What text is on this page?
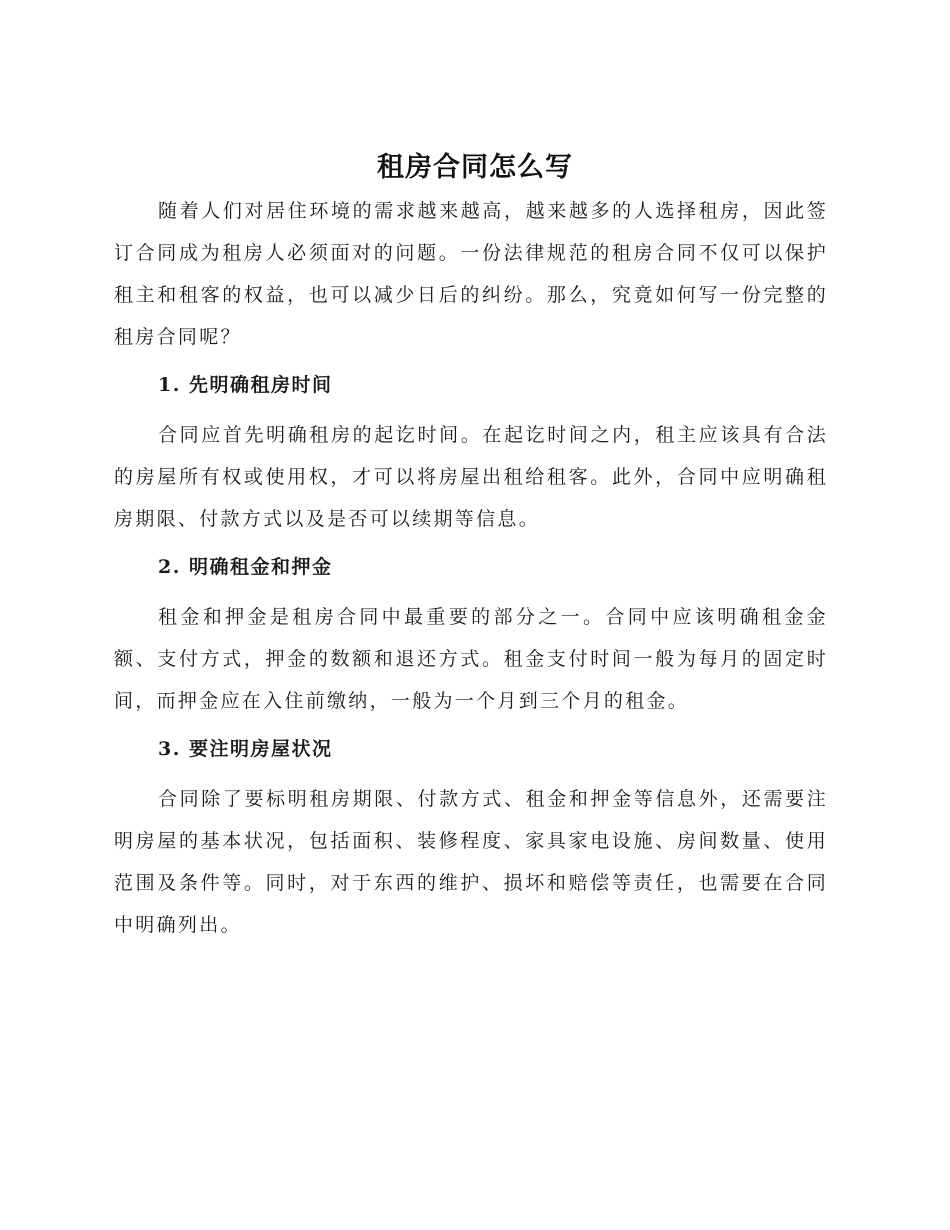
租房合同怎么写

随着人们对居住环境的需求越来越高，越来越多的人选择租房，因此签订合同成为租房人必须面对的问题。一份法律规范的租房合同不仅可以保护租主和租客的权益，也可以减少日后的纠纷。那么，究竟如何写一份完整的租房合同呢？

1. 先明确租房时间

合同应首先明确租房的起讫时间。在起讫时间之内，租主应该具有合法的房屋所有权或使用权，才可以将房屋出租给租客。此外，合同中应明确租房期限、付款方式以及是否可以续期等信息。

2. 明确租金和押金

租金和押金是租房合同中最重要的部分之一。合同中应该明确租金金额、支付方式，押金的数额和退还方式。租金支付时间一般为每月的固定时间，而押金应在入住前缴纳，一般为一个月到三个月的租金。

3. 要注明房屋状况

合同除了要标明租房期限、付款方式、租金和押金等信息外，还需要注明房屋的基本状况，包括面积、装修程度、家具家电设施、房间数量、使用范围及条件等。同时，对于东西的维护、损坏和赔偿等责任，也需要在合同中明确列出。
